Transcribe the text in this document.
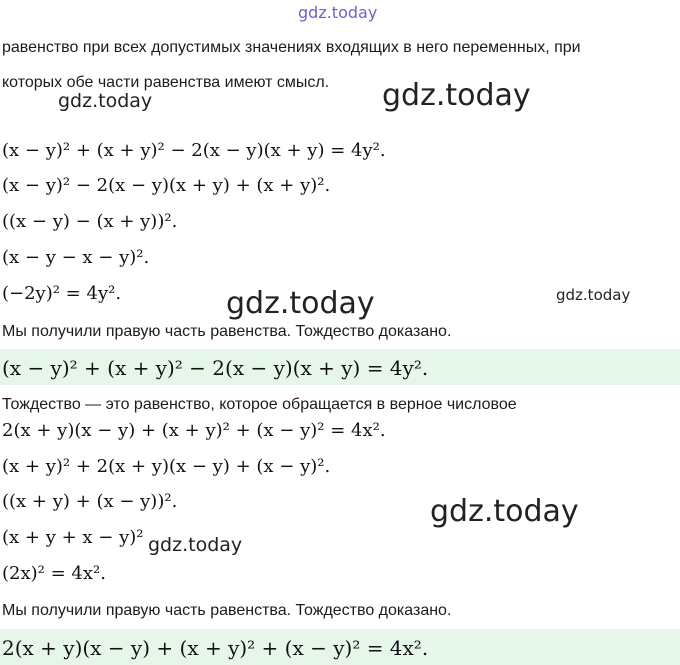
gdz.today
равенство при всех допустимых значениях входящих в него переменных, при
которых обе части равенства имеют смысл.
gdz.today	gdz.today
gdz.today	gdz.today
gdz.today
gdz.today
(x − y)² + (x + y)² − 2(x − y)(x + y) = 4y².
(x − y)² − 2(x − y)(x + y) + (x + y)².
((x − y) − (x + y))².
(x − y − x − y)².
(−2y)² = 4y².
Мы получили правую часть равенства. Тождество доказано.
(x − y)² + (x + y)² − 2(x − y)(x + y) = 4y².
Тождество — это равенство, которое обращается в верное числовое
2(x + y)(x − y) + (x + y)² + (x − y)² = 4x².
(x + y)² + 2(x + y)(x − y) + (x − y)².
((x + y) + (x − y))².
(x + y + x − y)²
(2x)² = 4x².
Мы получили правую часть равенства. Тождество доказано.
2(x + y)(x − y) + (x + y)² + (x − y)² = 4x².
